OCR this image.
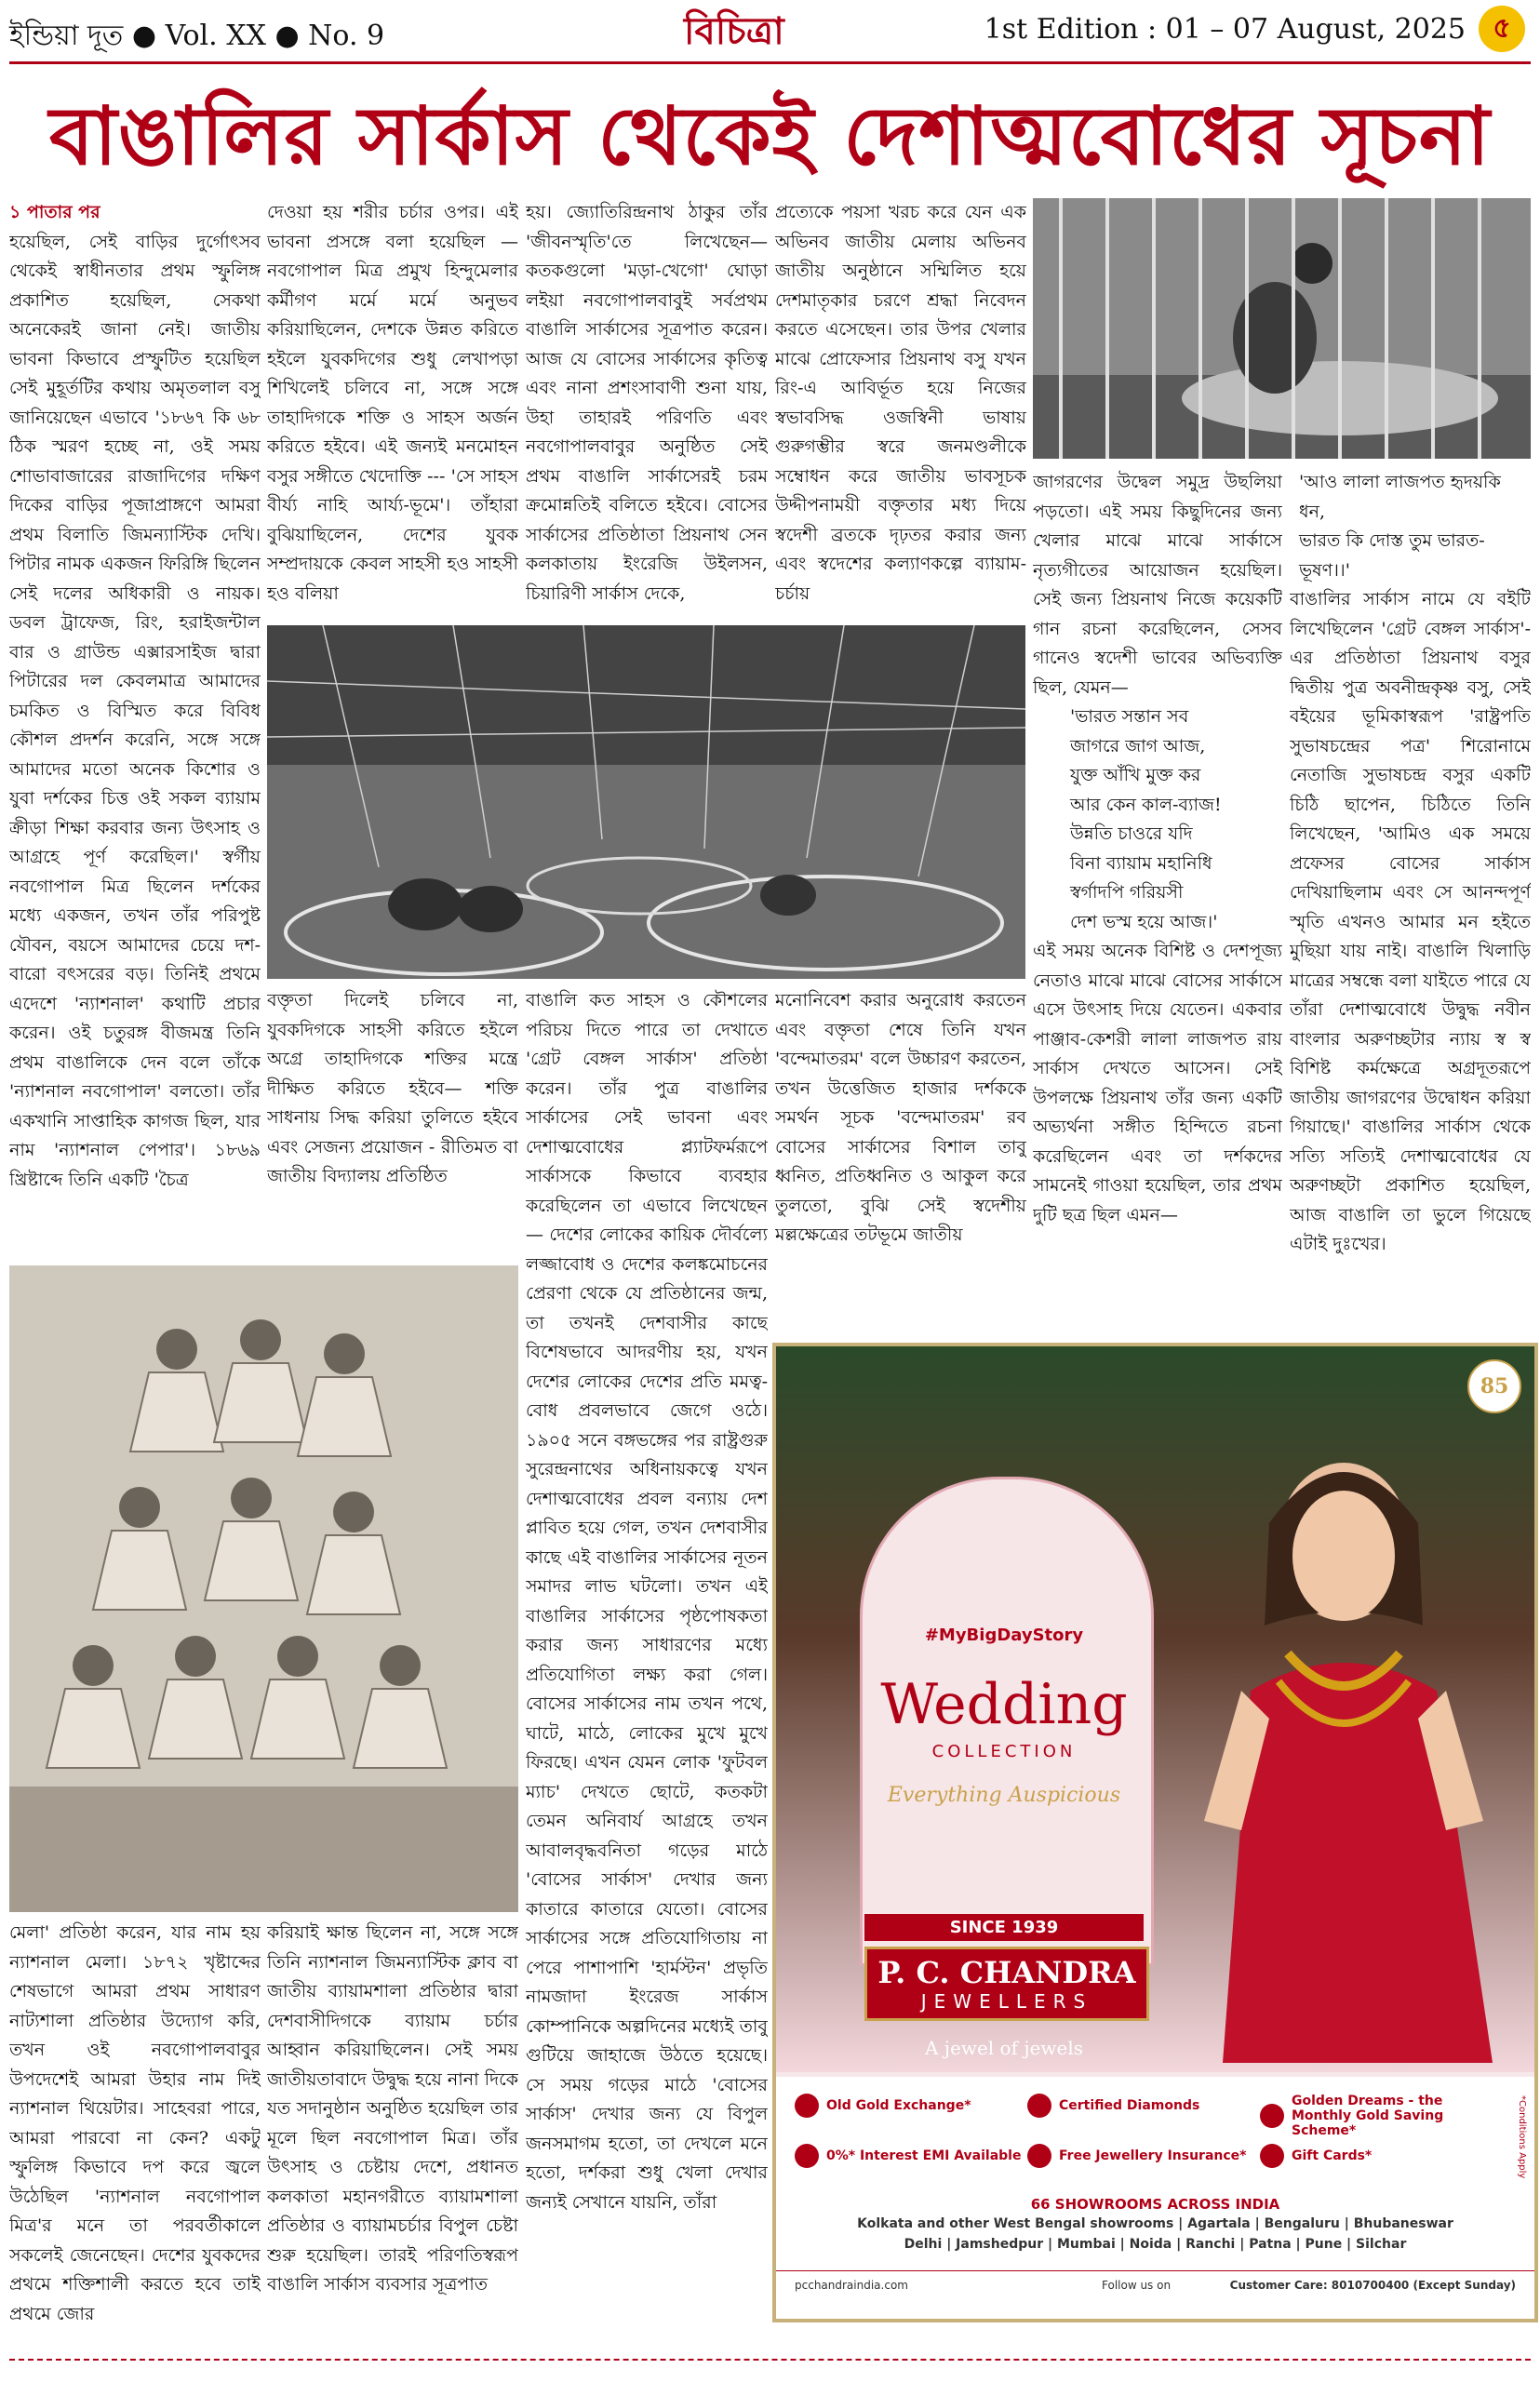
ইন্ডিয়া দূত ● Vol. XX ● No. 9	বিচিত্রা	1st Edition : 01 – 07 August, 2025 ৫
বাঙালির সার্কাস থেকেই দেশাত্মবোধের সূচনা

১ পাতার পর

হয়েছিল, সেই বাড়ির দুর্গোৎসব থেকেই স্বাধীনতার প্রথম স্ফুলিঙ্গ প্রকাশিত হয়েছিল, সেকথা অনেকেরই জানা নেই। জাতীয় ভাবনা কিভাবে প্রস্ফুটিত হয়েছিল সেই মুহূর্তটির কথায় অমৃতলাল বসু জানিয়েছেন এভাবে '১৮৬৭ কি ৬৮ ঠিক স্মরণ হচ্ছে না, ওই সময় শোভাবাজারের রাজাদিগের দক্ষিণ দিকের বাড়ির পূজাপ্রাঙ্গণে আমরা প্রথম বিলাতি জিমন্যাস্টিক দেখি। পিটার নামক একজন ফিরিঙ্গি ছিলেন সেই দলের অধিকারী ও নায়ক। ডবল ট্রাফেজ, রিং, হরাইজন্টাল বার ও গ্রাউন্ড এক্সারসাইজ দ্বারা পিটারের দল কেবলমাত্র আমাদের চমকিত ও বিস্মিত করে বিবিধ কৌশল প্রদর্শন করেনি, সঙ্গে সঙ্গে আমাদের মতো অনেক কিশোর ও যুবা দর্শকের চিত্ত ওই সকল ব্যায়াম ক্রীড়া শিক্ষা করবার জন্য উৎসাহ ও আগ্রহে পূর্ণ করেছিল।' স্বর্গীয় নবগোপাল মিত্র ছিলেন দর্শকের মধ্যে একজন, তখন তাঁর পরিপুষ্ট যৌবন, বয়সে আমাদের চেয়ে দশ-বারো বৎসরের বড়। তিনিই প্রথমে এদেশে 'ন্যাশনাল' কথাটি প্রচার করেন। ওই চতুরঙ্গ বীজমন্ত্র তিনি প্রথম বাঙালিকে দেন বলে তাঁকে 'ন্যাশনাল নবগোপাল' বলতো। তাঁর একখানি সাপ্তাহিক কাগজ ছিল, যার নাম 'ন্যাশনাল পেপার'। ১৮৬৯ খ্রিষ্টাব্দে তিনি একটি 'চৈত্র

দেওয়া হয় শরীর চর্চার ওপর। এই ভাবনা প্রসঙ্গে বলা হয়েছিল — নবগোপাল মিত্র প্রমুখ হিন্দুমেলার কর্মীগণ মর্মে মর্মে অনুভব করিয়াছিলেন, দেশকে উন্নত করিতে হইলে যুবকদিগের শুধু লেখাপড়া শিখিলেই চলিবে না, সঙ্গে সঙ্গে তাহাদিগকে শক্তি ও সাহস অর্জন করিতে হইবে। এই জন্যই মনমোহন বসুর সঙ্গীতে খেদোক্তি --- 'সে সাহস বীর্য্য নাহি আর্য্য-ভূমে'। তাঁহারা বুঝিয়াছিলেন, দেশের যুবক সম্প্রদায়কে কেবল সাহসী হও সাহসী হও বলিয়া

হয়। জ্যোতিরিন্দ্রনাথ ঠাকুর তাঁর 'জীবনস্মৃতি'তে লিখেছেন— কতকগুলো 'মড়া-খেগো' ঘোড়া লইয়া নবগোপালবাবুই সর্বপ্রথম বাঙালি সার্কাসের সূত্রপাত করেন। আজ যে বোসের সার্কাসের কৃতিত্ব এবং নানা প্রশংসাবাণী শুনা যায়, উহা তাহারই পরিণতি এবং নবগোপালবাবুর অনুষ্ঠিত সেই প্রথম বাঙালি সার্কাসেরই চরম ক্রমোন্নতিই বলিতে হইবে। বোসের সার্কাসের প্রতিষ্ঠাতা প্রিয়নাথ সেন কলকাতায় ইংরেজি উইলসন, চিয়ারিণী সার্কাস দেকে,

প্রত্যেকে পয়সা খরচ করে যেন এক অভিনব জাতীয় মেলায় অভিনব জাতীয় অনুষ্ঠানে সম্মিলিত হয়ে দেশমাতৃকার চরণে শ্রদ্ধা নিবেদন করতে এসেছেন। তার উপর খেলার মাঝে প্রোফেসার প্রিয়নাথ বসু যখন রিং-এ আবির্ভূত হয়ে নিজের স্বভাবসিদ্ধ ওজস্বিনী ভাষায় গুরুগম্ভীর স্বরে জনমণ্ডলীকে সম্বোধন করে জাতীয় ভাবসূচক উদ্দীপনাময়ী বক্তৃতার মধ্য দিয়ে স্বদেশী ব্রতকে দৃঢ়তর করার জন্য এবং স্বদেশের কল্যাণকল্পে ব্যায়াম-চর্চায়

জাগরণের উদ্বেল সমুদ্র উছলিয়া পড়তো। এই সময় কিছুদিনের জন্য খেলার মাঝে মাঝে সার্কাসে নৃত্যগীতের আয়োজন হয়েছিল। সেই জন্য প্রিয়নাথ নিজে কয়েকটি গান রচনা করেছিলেন, সেসব গানেও স্বদেশী ভাবের অভিব্যক্তি ছিল, যেমন—

'ভারত সন্তান সব
জাগরে জাগ আজ,
যুক্ত আঁখি মুক্ত কর
আর কেন কাল-ব্যাজ!
উন্নতি চাওরে যদি
বিনা ব্যায়াম মহানিধি
স্বর্গাদপি গরিয়সী
দেশ ভস্ম হয়ে আজ।'

এই সময় অনেক বিশিষ্ট ও দেশপূজ্য নেতাও মাঝে মাঝে বোসের সার্কাসে এসে উৎসাহ দিয়ে যেতেন। একবার পাঞ্জাব-কেশরী লালা লাজপত রায় সার্কাস দেখতে আসেন। সেই উপলক্ষে প্রিয়নাথ তাঁর জন্য একটি অভ্যর্থনা সঙ্গীত হিন্দিতে রচনা করেছিলেন এবং তা দর্শকদের সামনেই গাওয়া হয়েছিল, তার প্রথম দুটি ছত্র ছিল এমন—

'আও লালা লাজপত হৃদয়কি ধন,
ভারত কি দোস্ত তুম ভারত-ভূষণ।।'

বাঙালির সার্কাস নামে যে বইটি লিখেছিলেন 'গ্রেট বেঙ্গল সার্কাস'-এর প্রতিষ্ঠাতা প্রিয়নাথ বসুর দ্বিতীয় পুত্র অবনীন্দ্রকৃষ্ণ বসু, সেই বইয়ের ভূমিকাস্বরূপ 'রাষ্ট্রপতি সুভাষচন্দ্রের পত্র' শিরোনামে নেতাজি সুভাষচন্দ্র বসুর একটি চিঠি ছাপেন, চিঠিতে তিনি লিখেছেন, 'আমিও এক সময়ে প্রফেসর বোসের সার্কাস দেখিয়াছিলাম এবং সে আনন্দপূর্ণ স্মৃতি এখনও আমার মন হইতে মুছিয়া যায় নাই। বাঙালি খিলাড়ি মাত্রের সম্বন্ধে বলা যাইতে পারে যে তাঁরা দেশাত্মবোধে উদ্বুদ্ধ নবীন বাংলার অরুণচ্ছটার ন্যায় স্ব স্ব বিশিষ্ট কর্মক্ষেত্রে অগ্রদূতরূপে জাতীয় জাগরণের উদ্বোধন করিয়া গিয়াছে।' বাঙালির সার্কাস থেকে সত্যি সত্যিই দেশাত্মবোধের যে অরুণচ্ছটা প্রকাশিত হয়েছিল, আজ বাঙালি তা ভুলে গিয়েছে এটাই দুঃখের।

বক্তৃতা দিলেই চলিবে না, যুবকদিগকে সাহসী করিতে হইলে অগ্রে তাহাদিগকে শক্তির মন্ত্রে দীক্ষিত করিতে হইবে— শক্তি সাধনায় সিদ্ধ করিয়া তুলিতে হইবে এবং সেজন্য প্রয়োজন - রীতিমত বা জাতীয় বিদ্যালয় প্রতিষ্ঠিত

বাঙালি কত সাহস ও কৌশলের পরিচয় দিতে পারে তা দেখাতে 'গ্রেট বেঙ্গল সার্কাস' প্রতিষ্ঠা করেন। তাঁর পুত্র বাঙালির সার্কাসের সেই ভাবনা এবং দেশাত্মবোধের প্ল্যাটফর্মরূপে সার্কাসকে কিভাবে ব্যবহার করেছিলেন তা এভাবে লিখেছেন— দেশের লোকের কায়িক দৌর্বল্যে লজ্জাবোধ ও দেশের কলঙ্কমোচনের প্রেরণা থেকে যে প্রতিষ্ঠানের জন্ম, তা তখনই দেশবাসীর কাছে বিশেষভাবে আদরণীয় হয়, যখন দেশের লোকের দেশের প্রতি মমত্ব-বোধ প্রবলভাবে জেগে ওঠে। ১৯০৫ সনে বঙ্গভঙ্গের পর রাষ্ট্রগুরু সুরেন্দ্রনাথের অধিনায়কত্বে যখন দেশাত্মবোধের প্রবল বন্যায় দেশ প্লাবিত হয়ে গেল, তখন দেশবাসীর কাছে এই বাঙালির সার্কাসের নূতন সমাদর লাভ ঘটলো। তখন এই বাঙালির সার্কাসের পৃষ্ঠপোষকতা করার জন্য সাধারণের মধ্যে প্রতিযোগিতা লক্ষ্য করা গেল। বোসের সার্কাসের নাম তখন পথে, ঘাটে, মাঠে, লোকের মুখে মুখে ফিরছে। এখন যেমন লোক 'ফুটবল ম্যাচ' দেখতে ছোটে, কতকটা তেমন অনিবার্য আগ্রহে তখন আবালবৃদ্ধবনিতা গড়ের মাঠে 'বোসের সার্কাস' দেখার জন্য কাতারে কাতারে যেতো। বোসের সার্কাসের সঙ্গে প্রতিযোগিতায় না পেরে পাশাপাশি 'হার্মস্টন' প্রভৃতি নামজাদা ইংরেজ সার্কাস কোম্পানিকে অল্পদিনের মধ্যেই তাবু গুটিয়ে জাহাজে উঠতে হয়েছে। সে সময় গড়ের মাঠে 'বোসের সার্কাস' দেখার জন্য যে বিপুল জনসমাগম হতো, তা দেখলে মনে হতো, দর্শকরা শুধু খেলা দেখার জন্যই সেখানে যায়নি, তাঁরা

মনোনিবেশ করার অনুরোধ করতেন এবং বক্তৃতা শেষে তিনি যখন 'বন্দেমাতরম' বলে উচ্চারণ করতেন, তখন উত্তেজিত হাজার দর্শককে সমর্থন সূচক 'বন্দেমাতরম' রব বোসের সার্কাসের বিশাল তাবু ধ্বনিত, প্রতিধ্বনিত ও আকুল করে তুলতো, বুঝি সেই স্বদেশীয় মল্লক্ষেত্রের তটভূমে জাতীয়

মেলা' প্রতিষ্ঠা করেন, যার নাম হয় ন্যাশনাল মেলা। ১৮৭২ খৃষ্টাব্দের শেষভাগে আমরা প্রথম সাধারণ নাট্যশালা প্রতিষ্ঠার উদ্যোগ করি, তখন ওই নবগোপালবাবুর উপদেশেই আমরা উহার নাম দিই ন্যাশনাল থিয়েটার। সাহেবরা পারে, আমরা পারবো না কেন? একটু স্ফুলিঙ্গ কিভাবে দপ করে জ্বলে উঠেছিল 'ন্যাশনাল নবগোপাল মিত্র'র মনে তা পরবর্তীকালে সকলেই জেনেছেন। দেশের যুবকদের প্রথমে শক্তিশালী করতে হবে তাই প্রথমে জোর

করিয়াই ক্ষান্ত ছিলেন না, সঙ্গে সঙ্গে তিনি ন্যাশনাল জিমন্যাস্টিক ক্লাব বা জাতীয় ব্যায়ামশালা প্রতিষ্ঠার দ্বারা দেশবাসীদিগকে ব্যায়াম চর্চার আহ্বান করিয়াছিলেন। সেই সময় জাতীয়তাবাদে উদ্বুদ্ধ হয়ে নানা দিকে যত সদানুষ্ঠান অনুষ্ঠিত হয়েছিল তার মূলে ছিল নবগোপাল মিত্র। তাঁর উৎসাহ ও চেষ্টায় দেশে, প্রধানত কলকাতা মহানগরীতে ব্যায়ামশালা প্রতিষ্ঠার ও ব্যায়ামচর্চার বিপুল চেষ্টা শুরু হয়েছিল। তারই পরিণতিস্বরূপ বাঙালি সার্কাস ব্যবসার সূত্রপাত

#MyBigDayStory
Wedding
COLLECTION
Everything Auspicious
85
SINCE 1939
P. C. CHANDRA
JEWELLERS
A jewel of jewels
Old Gold Exchange*	Certified Diamonds	Golden Dreams - the Monthly Gold Saving Scheme*
0%* Interest EMI Available	Free Jewellery Insurance*	Gift Cards*	*Conditions Apply
66 SHOWROOMS ACROSS INDIA
Kolkata and other West Bengal showrooms | Agartala | Bengaluru | Bhubaneswar
Delhi | Jamshedpur | Mumbai | Noida | Ranchi | Patna | Pune | Silchar
pcchandraindia.com	Follow us on	Customer Care: 8010700400 (Except Sunday)
